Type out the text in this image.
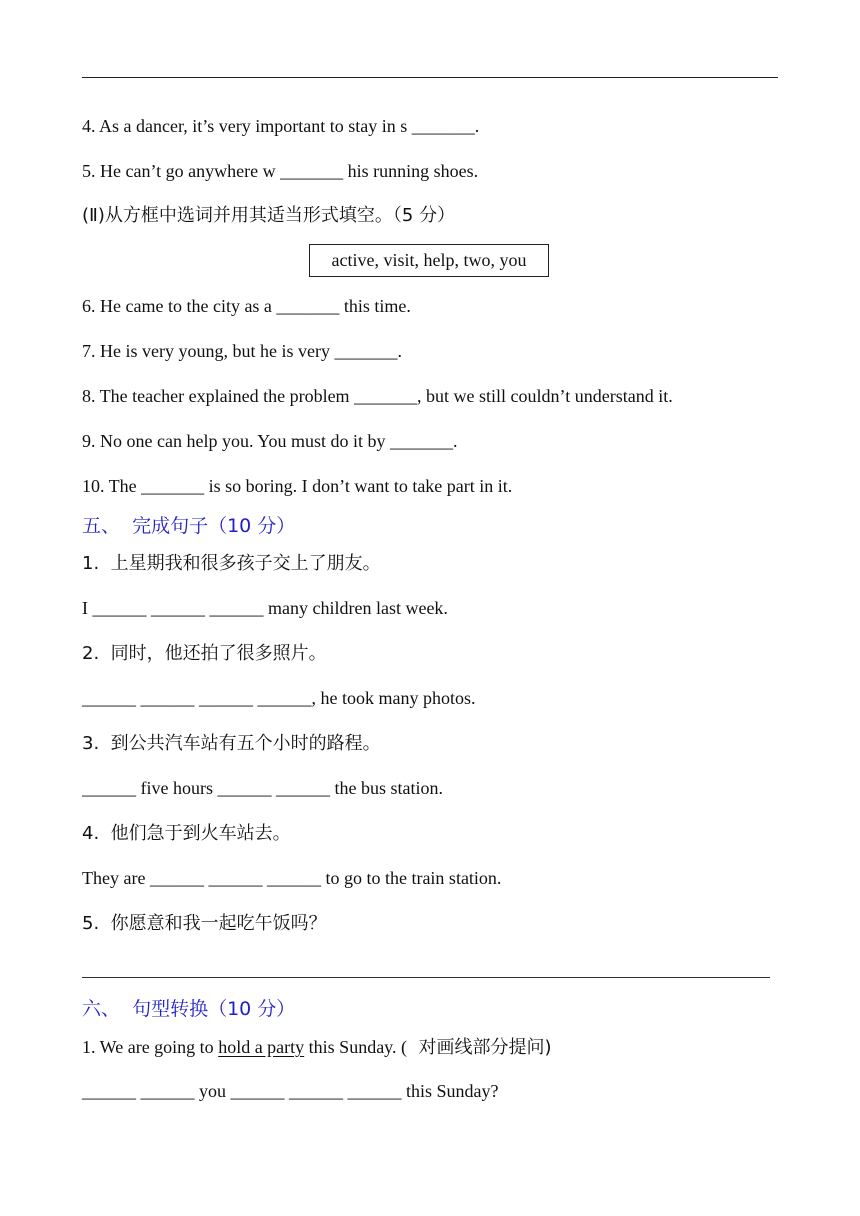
4. As a dancer, it’s very important to stay in s _______.
5. He can’t go anywhere w _______ his running shoes.
(Ⅱ)从方框中选词并用其适当形式填空。（5 分）
active, visit, help, two, you
6. He came to the city as a _______ this time.
7. He is very young, but he is very _______.
8. The teacher explained the problem _______, but we still couldn’t understand it.
9. No one can help you. You must do it by _______.
10. The _______ is so boring. I don’t want to take part in it.
五、  完成句子（10 分）
1.  上星期我和很多孩子交上了朋友。
I ______ ______ ______ many children last week.
2.  同时，他还拍了很多照片。
______ ______ ______ ______, he took many photos.
3.  到公共汽车站有五个小时的路程。
______ five hours ______ ______ the bus station.
4.  他们急于到火车站去。
They are ______ ______ ______ to go to the train station.
5.  你愿意和我一起吃午饭吗？
六、  句型转换（10 分）
1. We are going to hold a party this Sunday. (  对画线部分提问)
______ ______ you ______ ______ ______ this Sunday?
